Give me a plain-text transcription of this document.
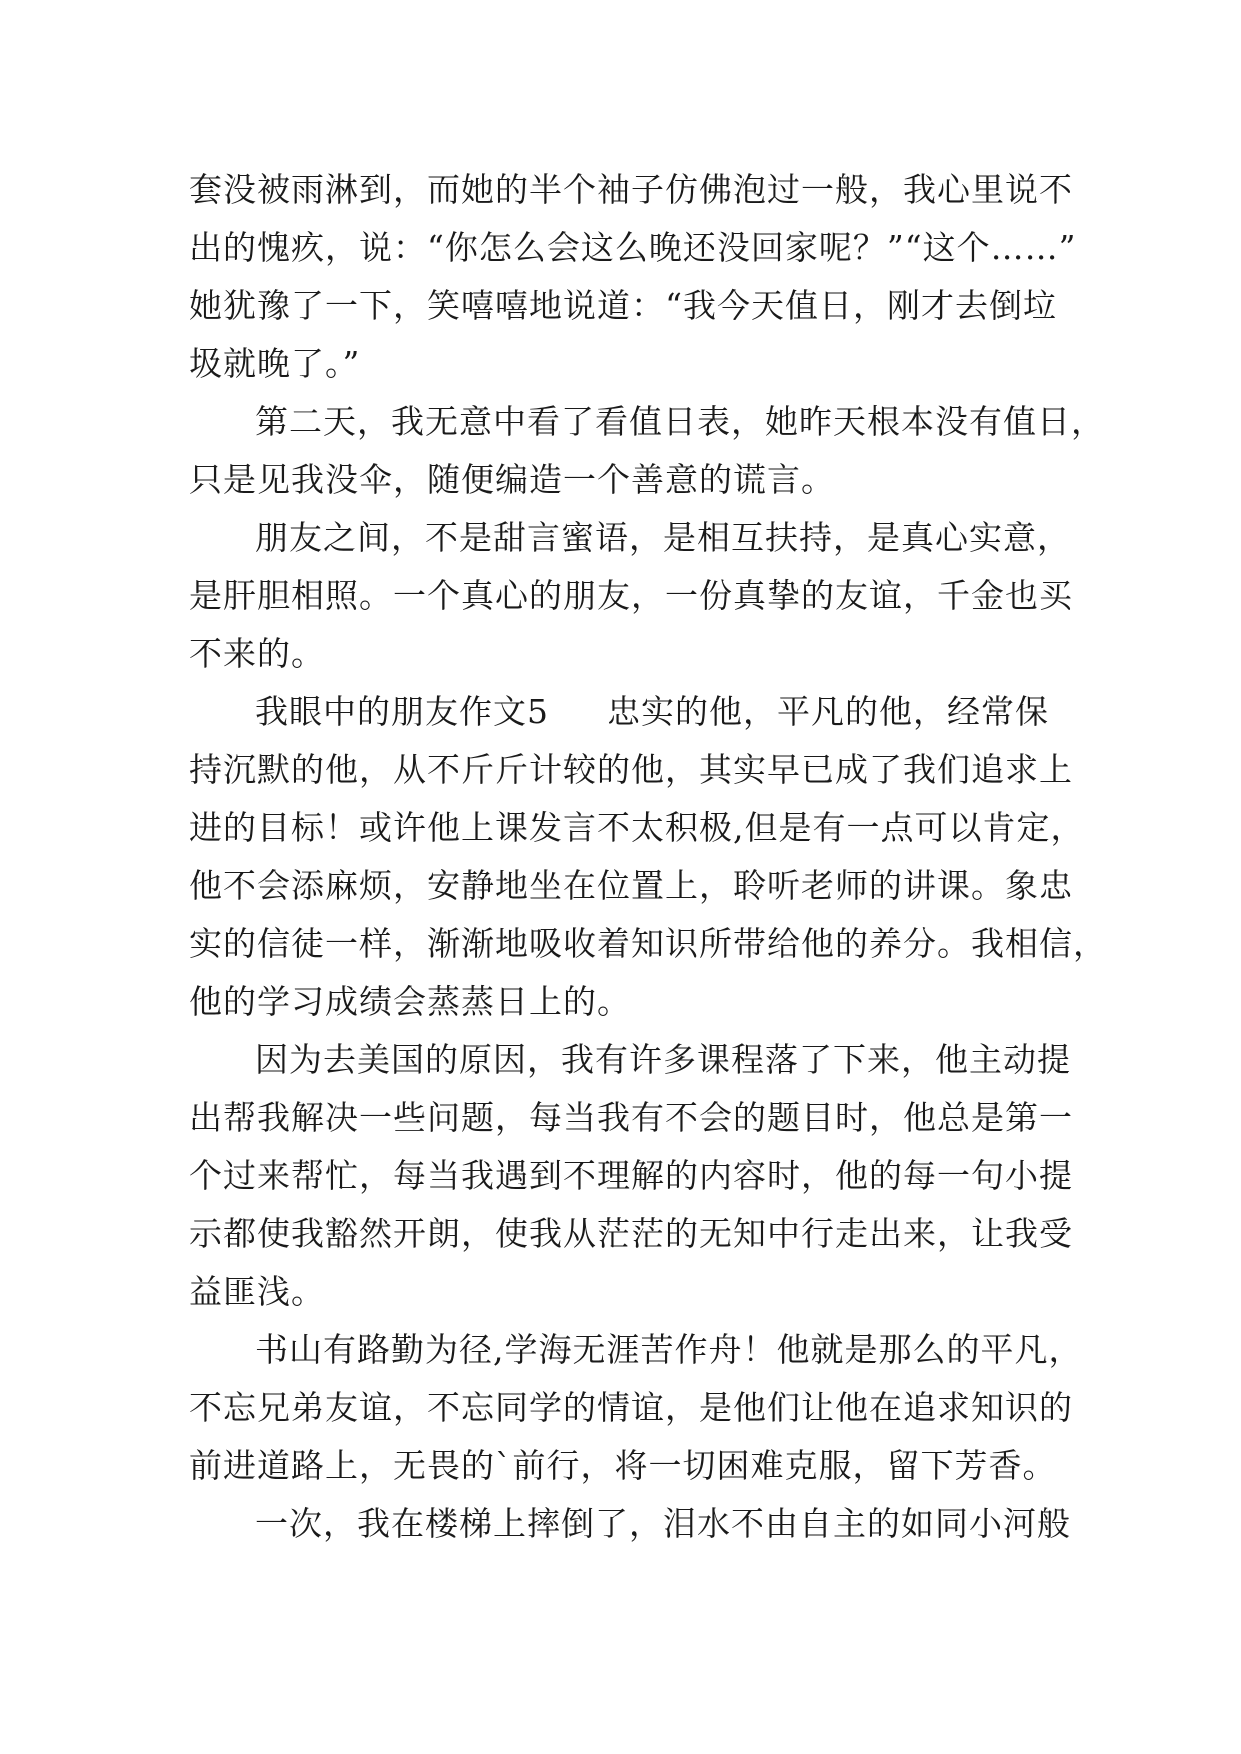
套没被雨淋到，而她的半个袖子仿佛泡过一般，我心里说不
出的愧疚，说：“你怎么会这么晚还没回家呢？”“这个……”
她犹豫了一下，笑嘻嘻地说道：“我今天值日，刚才去倒垃
圾就晚了。”
第二天，我无意中看了看值日表，她昨天根本没有值日，
只是见我没伞，随便编造一个善意的谎言。
朋友之间，不是甜言蜜语，是相互扶持，是真心实意，
是肝胆相照。一个真心的朋友，一份真挚的友谊，千金也买
不来的。
我眼中的朋友作文5 忠实的他，平凡的他，经常保
持沉默的他，从不斤斤计较的他，其实早已成了我们追求上
进的目标！或许他上课发言不太积极,但是有一点可以肯定，
他不会添麻烦，安静地坐在位置上，聆听老师的讲课。象忠
实的信徒一样，渐渐地吸收着知识所带给他的养分。我相信，
他的学习成绩会蒸蒸日上的。
因为去美国的原因，我有许多课程落了下来，他主动提
出帮我解决一些问题，每当我有不会的题目时，他总是第一
个过来帮忙，每当我遇到不理解的内容时，他的每一句小提
示都使我豁然开朗，使我从茫茫的无知中行走出来，让我受
益匪浅。
书山有路勤为径,学海无涯苦作舟！他就是那么的平凡，
不忘兄弟友谊，不忘同学的情谊，是他们让他在追求知识的
前进道路上，无畏的`前行，将一切困难克服，留下芳香。
一次，我在楼梯上摔倒了，泪水不由自主的如同小河般
